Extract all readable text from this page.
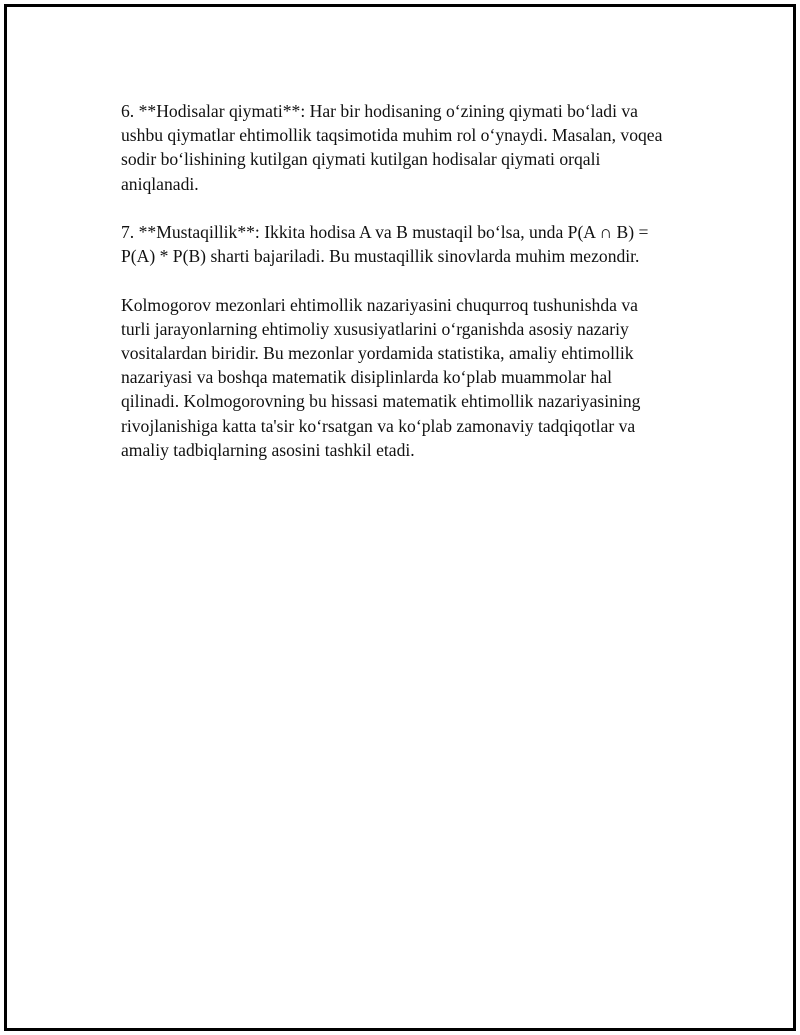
6. **Hodisalar qiymati**: Har bir hodisaning o‘zining qiymati bo‘ladi va
ushbu qiymatlar ehtimollik taqsimotida muhim rol o‘ynaydi. Masalan, voqea
sodir bo‘lishining kutilgan qiymati kutilgan hodisalar qiymati orqali
aniqlanadi.

7. **Mustaqillik**: Ikkita hodisa A va B mustaqil bo‘lsa, unda P(A ∩ B) =
P(A) * P(B) sharti bajariladi. Bu mustaqillik sinovlarda muhim mezondir.

Kolmogorov mezonlari ehtimollik nazariyasini chuqurroq tushunishda va
turli jarayonlarning ehtimoliy xususiyatlarini o‘rganishda asosiy nazariy
vositalardan biridir. Bu mezonlar yordamida statistika, amaliy ehtimollik
nazariyasi va boshqa matematik disiplinlarda ko‘plab muammolar hal
qilinadi. Kolmogorovning bu hissasi matematik ehtimollik nazariyasining
rivojlanishiga katta ta'sir ko‘rsatgan va ko‘plab zamonaviy tadqiqotlar va
amaliy tadbiqlarning asosini tashkil etadi.
